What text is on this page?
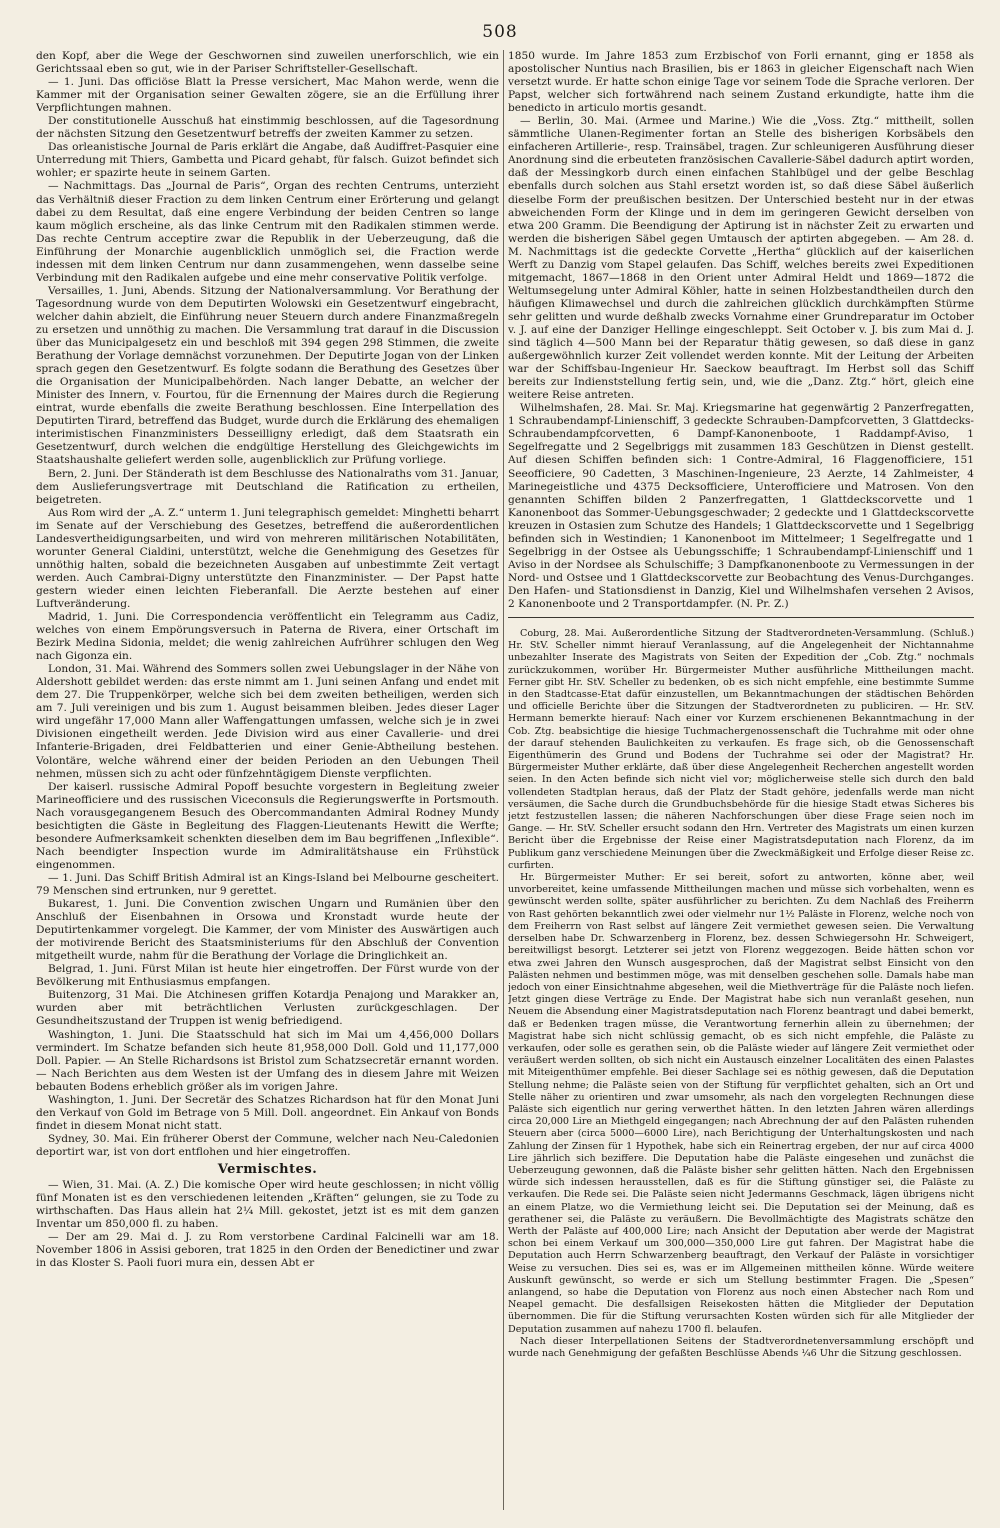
508

den Kopf, aber die Wege der Geschwornen sind zuweilen unerforschlich, wie ein Gerichtssaal eben so gut, wie in der Pariser Schriftsteller-Gesellschaft.

— 1. Juni. Das officiöse Blatt la Presse versichert, Mac Mahon werde, wenn die Kammer mit der Organisation seiner Gewalten zögere, sie an die Erfüllung ihrer Verpflichtungen mahnen.

Der constitutionelle Ausschuß hat einstimmig beschlossen, auf die Tagesordnung der nächsten Sitzung den Gesetzentwurf betreffs der zweiten Kammer zu setzen.

Das orleanistische Journal de Paris erklärt die Angabe, daß Audiffret-Pasquier eine Unterredung mit Thiers, Gambetta und Picard gehabt, für falsch. Guizot befindet sich wohler; er spazirte heute in seinem Garten.

— Nachmittags. Das „Journal de Paris“, Organ des rechten Centrums, unterzieht das Verhältniß dieser Fraction zu dem linken Centrum einer Erörterung und gelangt dabei zu dem Resultat, daß eine engere Verbindung der beiden Centren so lange kaum möglich erscheine, als das linke Centrum mit den Radikalen stimmen werde. Das rechte Centrum acceptire zwar die Republik in der Ueberzeugung, daß die Einführung der Monarchie augenblicklich unmöglich sei, die Fraction werde indessen mit dem linken Centrum nur dann zusammengehen, wenn dasselbe seine Verbindung mit den Radikalen aufgebe und eine mehr conservative Politik verfolge.

Versailles, 1. Juni, Abends. Sitzung der Nationalversammlung. Vor Berathung der Tagesordnung wurde von dem Deputirten Wolowski ein Gesetzentwurf eingebracht, welcher dahin abzielt, die Einführung neuer Steuern durch andere Finanzmaßregeln zu ersetzen und unnöthig zu machen. Die Versammlung trat darauf in die Discussion über das Municipalgesetz ein und beschloß mit 394 gegen 298 Stimmen, die zweite Berathung der Vorlage demnächst vorzunehmen. Der Deputirte Jogan von der Linken sprach gegen den Gesetzentwurf. Es folgte sodann die Berathung des Gesetzes über die Organisation der Municipalbehörden. Nach langer Debatte, an welcher der Minister des Innern, v. Fourtou, für die Ernennung der Maires durch die Regierung eintrat, wurde ebenfalls die zweite Berathung beschlossen. Eine Interpellation des Deputirten Tirard, betreffend das Budget, wurde durch die Erklärung des ehemaligen interimistischen Finanzministers Desseilligny erledigt, daß dem Staatsrath ein Gesetzentwurf, durch welchen die endgültige Herstellung des Gleichgewichts im Staatshaushalte geliefert werden solle, augenblicklich zur Prüfung vorliege.

Bern, 2. Juni. Der Ständerath ist dem Beschlusse des Nationalraths vom 31. Januar, dem Auslieferungsvertrage mit Deutschland die Ratification zu ertheilen, beigetreten.

Aus Rom wird der „A. Z.“ unterm 1. Juni telegraphisch gemeldet: Minghetti beharrt im Senate auf der Verschiebung des Gesetzes, betreffend die außerordentlichen Landesvertheidigungsarbeiten, und wird von mehreren militärischen Notabilitäten, worunter General Cialdini, unterstützt, welche die Genehmigung des Gesetzes für unnöthig halten, sobald die bezeichneten Ausgaben auf unbestimmte Zeit vertagt werden. Auch Cambrai-Digny unterstützte den Finanzminister. — Der Papst hatte gestern wieder einen leichten Fieberanfall. Die Aerzte bestehen auf einer Luftveränderung.

Madrid, 1. Juni. Die Correspondencia veröffentlicht ein Telegramm aus Cadiz, welches von einem Empörungsversuch in Paterna de Rivera, einer Ortschaft im Bezirk Medina Sidonia, meldet; die wenig zahlreichen Aufrührer schlugen den Weg nach Gigonza ein.

London, 31. Mai. Während des Sommers sollen zwei Uebungslager in der Nähe von Aldershott gebildet werden: das erste nimmt am 1. Juni seinen Anfang und endet mit dem 27. Die Truppenkörper, welche sich bei dem zweiten betheiligen, werden sich am 7. Juli vereinigen und bis zum 1. August beisammen bleiben. Jedes dieser Lager wird ungefähr 17,000 Mann aller Waffengattungen umfassen, welche sich je in zwei Divisionen eingetheilt werden. Jede Division wird aus einer Cavallerie- und drei Infanterie-Brigaden, drei Feldbatterien und einer Genie-Abtheilung bestehen. Volontäre, welche während einer der beiden Perioden an den Uebungen Theil nehmen, müssen sich zu acht oder fünfzehntägigem Dienste verpflichten.

Der kaiserl. russische Admiral Popoff besuchte vorgestern in Begleitung zweier Marineofficiere und des russischen Viceconsuls die Regierungswerfte in Portsmouth. Nach vorausgegangenem Besuch des Obercommandanten Admiral Rodney Mundy besichtigten die Gäste in Begleitung des Flaggen-Lieutenants Hewitt die Werfte; besondere Aufmerksamkeit schenkten dieselben dem im Bau begriffenen „Inflexible“. Nach beendigter Inspection wurde im Admiralitätshause ein Frühstück eingenommen.

— 1. Juni. Das Schiff British Admiral ist an Kings-Island bei Melbourne gescheitert. 79 Menschen sind ertrunken, nur 9 gerettet.

Bukarest, 1. Juni. Die Convention zwischen Ungarn und Rumänien über den Anschluß der Eisenbahnen in Orsowa und Kronstadt wurde heute der Deputirtenkammer vorgelegt. Die Kammer, der vom Minister des Auswärtigen auch der motivirende Bericht des Staatsministeriums für den Abschluß der Convention mitgetheilt wurde, nahm für die Berathung der Vorlage die Dringlichkeit an.

Belgrad, 1. Juni. Fürst Milan ist heute hier eingetroffen. Der Fürst wurde von der Bevölkerung mit Enthusiasmus empfangen.

Buitenzorg, 31 Mai. Die Atchinesen griffen Kotardja Penajong und Marakker an, wurden aber mit beträchtlichen Verlusten zurückgeschlagen. Der Gesundheitszustand der Truppen ist wenig befriedigend.

Washington, 1. Juni. Die Staatsschuld hat sich im Mai um 4,456,000 Dollars vermindert. Im Schatze befanden sich heute 81,958,000 Doll. Gold und 11,177,000 Doll. Papier. — An Stelle Richardsons ist Bristol zum Schatzsecretär ernannt worden. — Nach Berichten aus dem Westen ist der Umfang des in diesem Jahre mit Weizen bebauten Bodens erheblich größer als im vorigen Jahre.

Washington, 1. Juni. Der Secretär des Schatzes Richardson hat für den Monat Juni den Verkauf von Gold im Betrage von 5 Mill. Doll. angeordnet. Ein Ankauf von Bonds findet in diesem Monat nicht statt.

Sydney, 30. Mai. Ein früherer Oberst der Commune, welcher nach Neu-Caledonien deportirt war, ist von dort entflohen und hier eingetroffen.

Vermischtes.

— Wien, 31. Mai. (A. Z.) Die komische Oper wird heute geschlossen; in nicht völlig fünf Monaten ist es den verschiedenen leitenden „Kräften“ gelungen, sie zu Tode zu wirthschaften. Das Haus allein hat 2¼ Mill. gekostet, jetzt ist es mit dem ganzen Inventar um 850,000 fl. zu haben.

— Der am 29. Mai d. J. zu Rom verstorbene Cardinal Falcinelli war am 18. November 1806 in Assisi geboren, trat 1825 in den Orden der Benedictiner und zwar in das Kloster S. Paoli fuori mura ein, dessen Abt er

1850 wurde. Im Jahre 1853 zum Erzbischof von Forli ernannt, ging er 1858 als apostolischer Nuntius nach Brasilien, bis er 1863 in gleicher Eigenschaft nach Wien versetzt wurde. Er hatte schon einige Tage vor seinem Tode die Sprache verloren. Der Papst, welcher sich fortwährend nach seinem Zustand erkundigte, hatte ihm die benedicto in articulo mortis gesandt.

— Berlin, 30. Mai. (Armee und Marine.) Wie die „Voss. Ztg.“ mittheilt, sollen sämmtliche Ulanen-Regimenter fortan an Stelle des bisherigen Korbsäbels den einfacheren Artillerie-, resp. Trainsäbel, tragen. Zur schleunigeren Ausführung dieser Anordnung sind die erbeuteten französischen Cavallerie-Säbel dadurch aptirt worden, daß der Messingkorb durch einen einfachen Stahlbügel und der gelbe Beschlag ebenfalls durch solchen aus Stahl ersetzt worden ist, so daß diese Säbel äußerlich dieselbe Form der preußischen besitzen. Der Unterschied besteht nur in der etwas abweichenden Form der Klinge und in dem im geringeren Gewicht derselben von etwa 200 Gramm. Die Beendigung der Aptirung ist in nächster Zeit zu erwarten und werden die bisherigen Säbel gegen Umtausch der aptirten abgegeben. — Am 28. d. M. Nachmittags ist die gedeckte Corvette „Hertha“ glücklich auf der kaiserlichen Werft zu Danzig vom Stapel gelaufen. Das Schiff, welches bereits zwei Expeditionen mitgemacht, 1867—1868 in den Orient unter Admiral Heldt und 1869—1872 die Weltumsegelung unter Admiral Köhler, hatte in seinen Holzbestandtheilen durch den häufigen Klimawechsel und durch die zahlreichen glücklich durchkämpften Stürme sehr gelitten und wurde deßhalb zwecks Vornahme einer Grundreparatur im October v. J. auf eine der Danziger Hellinge eingeschleppt. Seit October v. J. bis zum Mai d. J. sind täglich 4—500 Mann bei der Reparatur thätig gewesen, so daß diese in ganz außergewöhnlich kurzer Zeit vollendet werden konnte. Mit der Leitung der Arbeiten war der Schiffsbau-Ingenieur Hr. Saeckow beauftragt. Im Herbst soll das Schiff bereits zur Indienststellung fertig sein, und, wie die „Danz. Ztg.“ hört, gleich eine weitere Reise antreten.

Wilhelmshafen, 28. Mai. Sr. Maj. Kriegsmarine hat gegenwärtig 2 Panzerfregatten, 1 Schraubendampf-Linienschiff, 3 gedeckte Schrauben-Dampfcorvetten, 3 Glattdecks-Schraubendampfcorvetten, 6 Dampf-Kanonenboote, 1 Raddampf-Aviso, 1 Segelfregatte und 2 Segelbriggs mit zusammen 183 Geschützen in Dienst gestellt. Auf diesen Schiffen befinden sich: 1 Contre-Admiral, 16 Flaggenofficiere, 151 Seeofficiere, 90 Cadetten, 3 Maschinen-Ingenieure, 23 Aerzte, 14 Zahlmeister, 4 Marinegeistliche und 4375 Decksofficiere, Unterofficiere und Matrosen. Von den genannten Schiffen bilden 2 Panzerfregatten, 1 Glattdeckscorvette und 1 Kanonenboot das Sommer-Uebungsgeschwader; 2 gedeckte und 1 Glattdeckscorvette kreuzen in Ostasien zum Schutze des Handels; 1 Glattdeckscorvette und 1 Segelbrigg befinden sich in Westindien; 1 Kanonenboot im Mittelmeer; 1 Segelfregatte und 1 Segelbrigg in der Ostsee als Uebungsschiffe; 1 Schraubendampf-Linienschiff und 1 Aviso in der Nordsee als Schulschiffe; 3 Dampfkanonenboote zu Vermessungen in der Nord- und Ostsee und 1 Glattdeckscorvette zur Beobachtung des Venus-Durchganges. Den Hafen- und Stationsdienst in Danzig, Kiel und Wilhelmshafen versehen 2 Avisos, 2 Kanonenboote und 2 Transportdampfer. (N. Pr. Z.)

Coburg, 28. Mai. Außerordentliche Sitzung der Stadtverordneten-Versammlung. (Schluß.) Hr. StV. Scheller nimmt hierauf Veranlassung, auf die Angelegenheit der Nichtannahme unbezahlter Inserate des Magistrats von Seiten der Expedition der „Cob. Ztg.“ nochmals zurückzukommen, worüber Hr. Bürgermeister Muther ausführliche Mittheilungen macht. Ferner gibt Hr. StV. Scheller zu bedenken, ob es sich nicht empfehle, eine bestimmte Summe in den Stadtcasse-Etat dafür einzustellen, um Bekanntmachungen der städtischen Behörden und officielle Berichte über die Sitzungen der Stadtverordneten zu publiciren. — Hr. StV. Hermann bemerkte hierauf: Nach einer vor Kurzem erschienenen Bekanntmachung in der Cob. Ztg. beabsichtige die hiesige Tuchmachergenossenschaft die Tuchrahme mit oder ohne der darauf stehenden Baulichkeiten zu verkaufen. Es frage sich, ob die Genossenschaft Eigenthümerin des Grund und Bodens der Tuchrahme sei oder der Magistrat? Hr. Bürgermeister Muther erklärte, daß über diese Angelegenheit Recherchen angestellt worden seien. In den Acten befinde sich nicht viel vor; möglicherweise stelle sich durch den bald vollendeten Stadtplan heraus, daß der Platz der Stadt gehöre, jedenfalls werde man nicht versäumen, die Sache durch die Grundbuchsbehörde für die hiesige Stadt etwas Sicheres bis jetzt festzustellen lassen; die näheren Nachforschungen über diese Frage seien noch im Gange. — Hr. StV. Scheller ersucht sodann den Hrn. Vertreter des Magistrats um einen kurzen Bericht über die Ergebnisse der Reise einer Magistratsdeputation nach Florenz, da im Publikum ganz verschiedene Meinungen über die Zweckmäßigkeit und Erfolge dieser Reise zc. curfirten.

Hr. Bürgermeister Muther: Er sei bereit, sofort zu antworten, könne aber, weil unvorbereitet, keine umfassende Mittheilungen machen und müsse sich vorbehalten, wenn es gewünscht werden sollte, später ausführlicher zu berichten. Zu dem Nachlaß des Freiherrn von Rast gehörten bekanntlich zwei oder vielmehr nur 1½ Paläste in Florenz, welche noch von dem Freiherrn von Rast selbst auf längere Zeit vermiethet gewesen seien. Die Verwaltung derselben habe Dr. Schwarzenberg in Florenz, bez. dessen Schwiegersohn Hr. Schweigert, bereitwilligst besorgt. Letzterer sei jetzt von Florenz weggezogen. Beide hätten schon vor etwa zwei Jahren den Wunsch ausgesprochen, daß der Magistrat selbst Einsicht von den Palästen nehmen und bestimmen möge, was mit denselben geschehen solle. Damals habe man jedoch von einer Einsichtnahme abgesehen, weil die Miethverträge für die Paläste noch liefen. Jetzt gingen diese Verträge zu Ende. Der Magistrat habe sich nun veranlaßt gesehen, nun Neuem die Absendung einer Magistratsdeputation nach Florenz beantragt und dabei bemerkt, daß er Bedenken tragen müsse, die Verantwortung fernerhin allein zu übernehmen; der Magistrat habe sich nicht schlüssig gemacht, ob es sich nicht empfehle, die Paläste zu verkaufen, oder solle es gerathen sein, ob die Paläste wieder auf längere Zeit vermiethet oder veräußert werden sollten, ob sich nicht ein Austausch einzelner Localitäten des einen Palastes mit Miteigenthümer empfehle. Bei dieser Sachlage sei es nöthig gewesen, daß die Deputation Stellung nehme; die Paläste seien von der Stiftung für verpflichtet gehalten, sich an Ort und Stelle näher zu orientiren und zwar umsomehr, als nach den vorgelegten Rechnungen diese Paläste sich eigentlich nur gering verwerthet hätten. In den letzten Jahren wären allerdings circa 20,000 Lire an Miethgeld eingegangen; nach Abrechnung der auf den Palästen ruhenden Steuern aber (circa 5000—6000 Lire), nach Berichtigung der Unterhaltungskosten und nach Zahlung der Zinsen für 1 Hypothek, habe sich ein Reinertrag ergeben, der nur auf circa 4000 Lire jährlich sich beziffere. Die Deputation habe die Paläste eingesehen und zunächst die Ueberzeugung gewonnen, daß die Paläste bisher sehr gelitten hätten. Nach den Ergebnissen würde sich indessen herausstellen, daß es für die Stiftung günstiger sei, die Paläste zu verkaufen. Die Rede sei. Die Paläste seien nicht Jedermanns Geschmack, lägen übrigens nicht an einem Platze, wo die Vermiethung leicht sei. Die Deputation sei der Meinung, daß es gerathener sei, die Paläste zu veräußern. Die Bevollmächtigte des Magistrats schätze den Werth der Paläste auf 400,000 Lire; nach Ansicht der Deputation aber werde der Magistrat schon bei einem Verkauf um 300,000—350,000 Lire gut fahren. Der Magistrat habe die Deputation auch Herrn Schwarzenberg beauftragt, den Verkauf der Paläste in vorsichtiger Weise zu versuchen. Dies sei es, was er im Allgemeinen mittheilen könne. Würde weitere Auskunft gewünscht, so werde er sich um Stellung bestimmter Fragen. Die „Spesen“ anlangend, so habe die Deputation von Florenz aus noch einen Abstecher nach Rom und Neapel gemacht. Die desfallsigen Reisekosten hätten die Mitglieder der Deputation übernommen. Die für die Stiftung verursachten Kosten würden sich für alle Mitglieder der Deputation zusammen auf nahezu 1700 fl. belaufen.

Nach dieser Interpellationen Seitens der Stadtverordnetenversammlung erschöpft und wurde nach Genehmigung der gefaßten Beschlüsse Abends ¼6 Uhr die Sitzung geschlossen.
